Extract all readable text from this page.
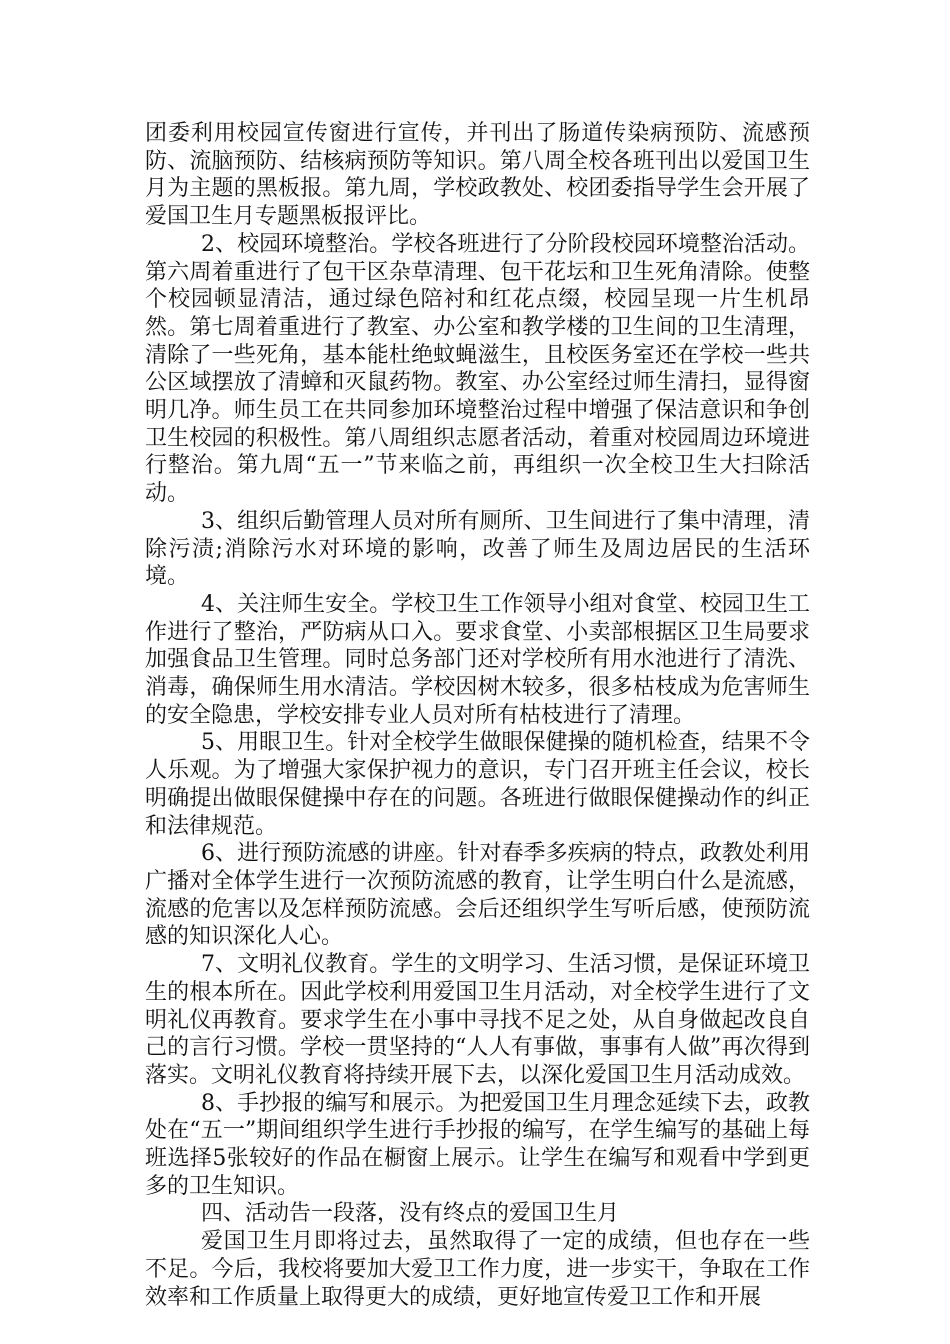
团委利用校园宣传窗进行宣传，并刊出了肠道传染病预防、流感预防、流脑预防、结核病预防等知识。第八周全校各班刊出以爱国卫生月为主题的黑板报。第九周，学校政教处、校团委指导学生会开展了爱国卫生月专题黑板报评比。

2、校园环境整治。学校各班进行了分阶段校园环境整治活动。第六周着重进行了包干区杂草清理、包干花坛和卫生死角清除。使整个校园顿显清洁，通过绿色陪衬和红花点缀，校园呈现一片生机昂然。第七周着重进行了教室、办公室和教学楼的卫生间的卫生清理，清除了一些死角，基本能杜绝蚊蝇滋生，且校医务室还在学校一些共公区域摆放了清蟑和灭鼠药物。教室、办公室经过师生清扫，显得窗明几净。师生员工在共同参加环境整治过程中增强了保洁意识和争创卫生校园的积极性。第八周组织志愿者活动，着重对校园周边环境进行整治。第九周“五一”节来临之前，再组织一次全校卫生大扫除活动。

3、组织后勤管理人员对所有厕所、卫生间进行了集中清理，清除污渍;消除污水对环境的影响，改善了师生及周边居民的生活环境。

4、关注师生安全。学校卫生工作领导小组对食堂、校园卫生工作进行了整治，严防病从口入。要求食堂、小卖部根据区卫生局要求加强食品卫生管理。同时总务部门还对学校所有用水池进行了清洗、消毒，确保师生用水清洁。学校因树木较多，很多枯枝成为危害师生的安全隐患，学校安排专业人员对所有枯枝进行了清理。

5、用眼卫生。针对全校学生做眼保健操的随机检查，结果不令人乐观。为了增强大家保护视力的意识，专门召开班主任会议，校长明确提出做眼保健操中存在的问题。各班进行做眼保健操动作的纠正和法律规范。

6、进行预防流感的讲座。针对春季多疾病的特点，政教处利用广播对全体学生进行一次预防流感的教育，让学生明白什么是流感，流感的危害以及怎样预防流感。会后还组织学生写听后感，使预防流感的知识深化人心。

7、文明礼仪教育。学生的文明学习、生活习惯，是保证环境卫生的根本所在。因此学校利用爱国卫生月活动，对全校学生进行了文明礼仪再教育。要求学生在小事中寻找不足之处，从自身做起改良自己的言行习惯。学校一贯坚持的“人人有事做，事事有人做”再次得到落实。文明礼仪教育将持续开展下去，以深化爱国卫生月活动成效。

8、手抄报的编写和展示。为把爱国卫生月理念延续下去，政教处在“五一”期间组织学生进行手抄报的编写，在学生编写的基础上每班选择5张较好的作品在橱窗上展示。让学生在编写和观看中学到更多的卫生知识。

四、活动告一段落，没有终点的爱国卫生月

爱国卫生月即将过去，虽然取得了一定的成绩，但也存在一些不足。今后，我校将要加大爱卫工作力度，进一步实干，争取在工作效率和工作质量上取得更大的成绩，更好地宣传爱卫工作和开展
